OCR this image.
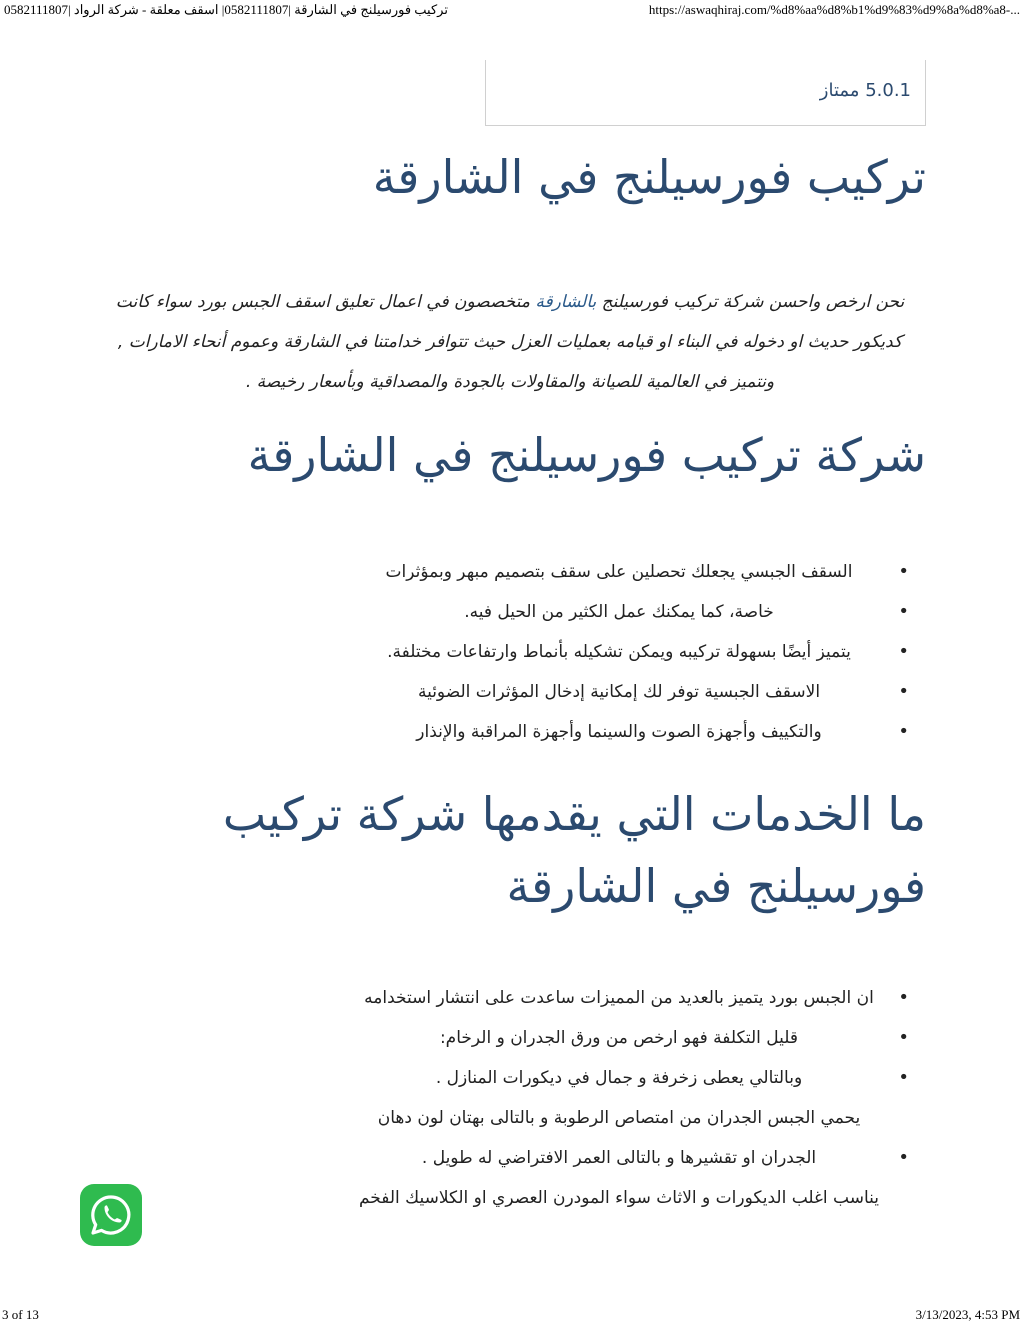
تركيب فورسيلنج في الشارقة |0582111807| اسقف معلقة - شركة الرواد |0582111807	https://aswaqhiraj.com/%d8%aa%d8%b1%d9%83%d9%8a%d8%a8-...
5.0.1 ممتاز
تركيب فورسيلنج في الشارقة

نحن ارخص واحسن شركة تركيب فورسيلنج بالشارقة متخصصون في اعمال تعليق اسقف الجبس بورد سواء كانت كديكور حديث او دخوله في البناء او قيامه بعمليات العزل حيث تتوافر خدامتنا في الشارقة وعموم أنحاء الامارات , ونتميز في العالمية للصيانة والمقاولات بالجودة والمصداقية وبأسعار رخيصة .

شركة تركيب فورسيلنج في الشارقة
• السقف الجبسي يجعلك تحصلين على سقف بتصميم مبهر وبمؤثرات
• خاصة، كما يمكنك عمل الكثير من الحيل فيه.
• يتميز أيضًا بسهولة تركيبه ويمكن تشكيله بأنماط وارتفاعات مختلفة.
• الاسقف الجبسية توفر لك إمكانية إدخال المؤثرات الضوئية
• والتكييف وأجهزة الصوت والسينما وأجهزة المراقبة والإنذار
ما الخدمات التي يقدمها شركة تركيب فورسيلنج في الشارقة
• ان الجبس بورد يتميز بالعديد من المميزات ساعدت على انتشار استخدامه
• قليل التكلفة فهو ارخص من ورق الجدران و الرخام:
• وبالتالي يعطى زخرفة و جمال في ديكورات المنازل .
يحمي الجبس الجدران من امتصاص الرطوبة و بالتالى بهتان لون دهان
• الجدران او تقشيرها و بالتالى العمر الافتراضي له طويل .
يناسب اغلب الديكورات و الاثاث سواء المودرن العصري او الكلاسيك الفخم
3 of 13	3/13/2023, 4:53 PM
